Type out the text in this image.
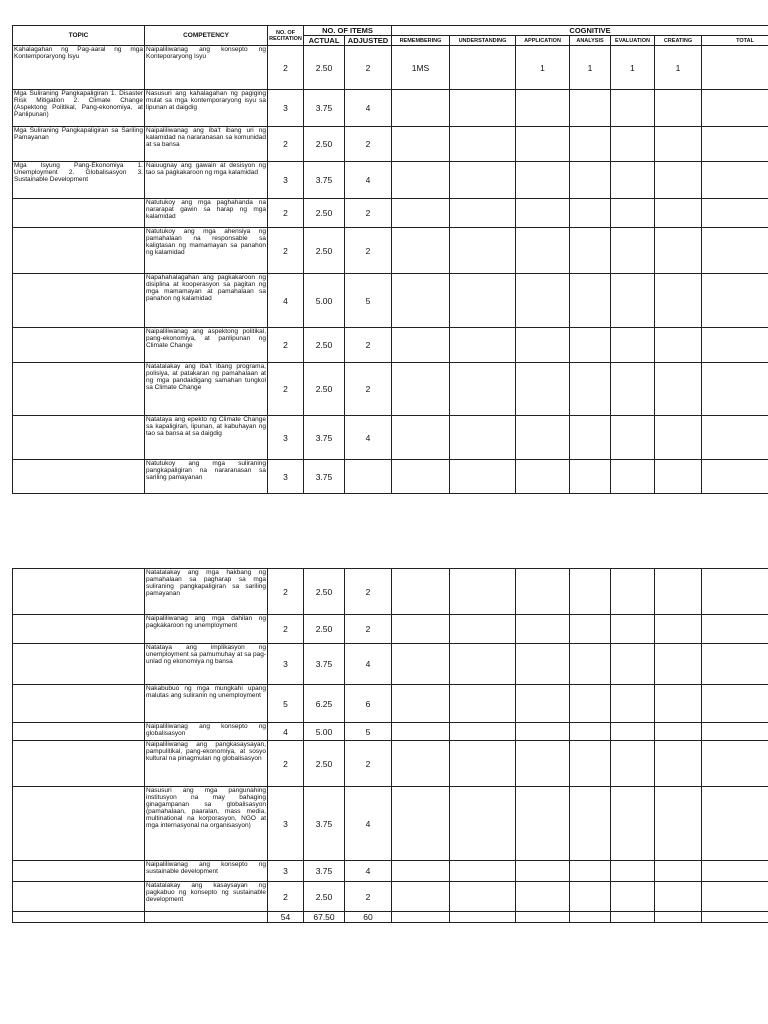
TOPIC	COMPETENCY	NO. OF RECITATION	NO. OF ITEMS		COGNITIVE						
			ACTUAL	ADJUSTED	REMEMBERING	UNDERSTANDING	APPLICATION	ANALYSIS	EVALUATION	CREATING	TOTAL
Kahalagahan ng Pag-aaral ng mga Kontemporaryong Isyu	Naipaliliwanag ang konsepto ng Konteporaryong Isyu	2	2.50	2	1MS		1	1	1	1	
Mga Suliraning Pangkapaligiran 1. Disaster Risk Mitigation 2. Climate Change (Aspektong Politikal, Pang-ekonomiya, at Panlipunan)	Nasusuri ang kahalagahan ng pagiging mulat sa mga kontemporaryong isyu sa lipunan at daigdig	3	3.75	4							
Mga Suliraning Pangkapaligiran sa Sariling Pamayanan	Naipaliliwanag ang iba't ibang uri ng kalamidad na nararanasan sa komunidad at sa bansa	2	2.50	2							
Mga Isyung Pang-Ekonomiya 1. Unemployment 2. Globalisasyon 3. Sustainable Development	Naiuugnay ang gawain at desisyon ng tao sa pagkakaroon ng mga kalamidad	3	3.75	4							
	Natutukoy ang mga paghahanda na nararapat gawin sa harap ng mga kalamidad	2	2.50	2							
	Natutukoy ang mga ahensiya ng pamahalaan na responsable sa kaligtasan ng mamamayan sa panahon ng kalamidad	2	2.50	2							
	Napahahalagahan ang pagkakaroon ng disiplina at kooperasyon sa pagitan ng mga mamamayan at pamahalaan sa panahon ng kalamidad	4	5.00	5							
	Naipaliliwanag ang aspektong politikal, pang-ekonomiya, at panlipunan ng Climate Change	2	2.50	2							
	Natatalakay ang iba't ibang programa, polisiya, at patakaran ng pamahalaan at ng mga pandaidigang samahan tungkol sa Climate Change	2	2.50	2							
	Natataya ang epekto ng Climate Change sa kapaligiran, lipunan, at kabuhayan ng tao sa bansa at sa daigdig	3	3.75	4							
	Natutukoy ang mga suliraning pangkapaligiran na nararanasan sa sariling pamayanan	3	3.75								
	Natatalakay ang mga hakbang ng pamahalaan sa pagharap sa mga suliraning pangkapaligiran sa sariling pamayanan	2	2.50	2							
	Naipaliliwanag ang mga dahilan ng pagkakaroon ng unemployment	2	2.50	2							
	Natataya ang implikasyon ng unemployment sa pamumuhay at sa pag-unlad ng ekonomiya ng bansa	3	3.75	4							
	Nakabubuo ng mga mungkahi upang malutas ang suliranin ng unemployment	5	6.25	6							
	Naipaliliwanag ang konsepto ng globalisasyon	4	5.00	5							
	Naipaliliwanag ang pangkasaysayan, pampulitikal, pang-ekonomiya, at sosyo kultural na pinagmulan ng globalisasyon	2	2.50	2							
	Nasusuri ang mga pangunahing institusyon na may bahaging ginagampanan sa globalisasyon (pamahalaan, paaralan, mass media, multinational na korporasyon, NGO at mga internasyonal na organisasyon)	3	3.75	4							
	Naipaliliwanag ang konsepto ng sustainable development	3	3.75	4							
	Natatalakay ang kasaysayan ng pagkabuo ng konsepto ng sustainable development	2	2.50	2							
		54	67.50	60							
